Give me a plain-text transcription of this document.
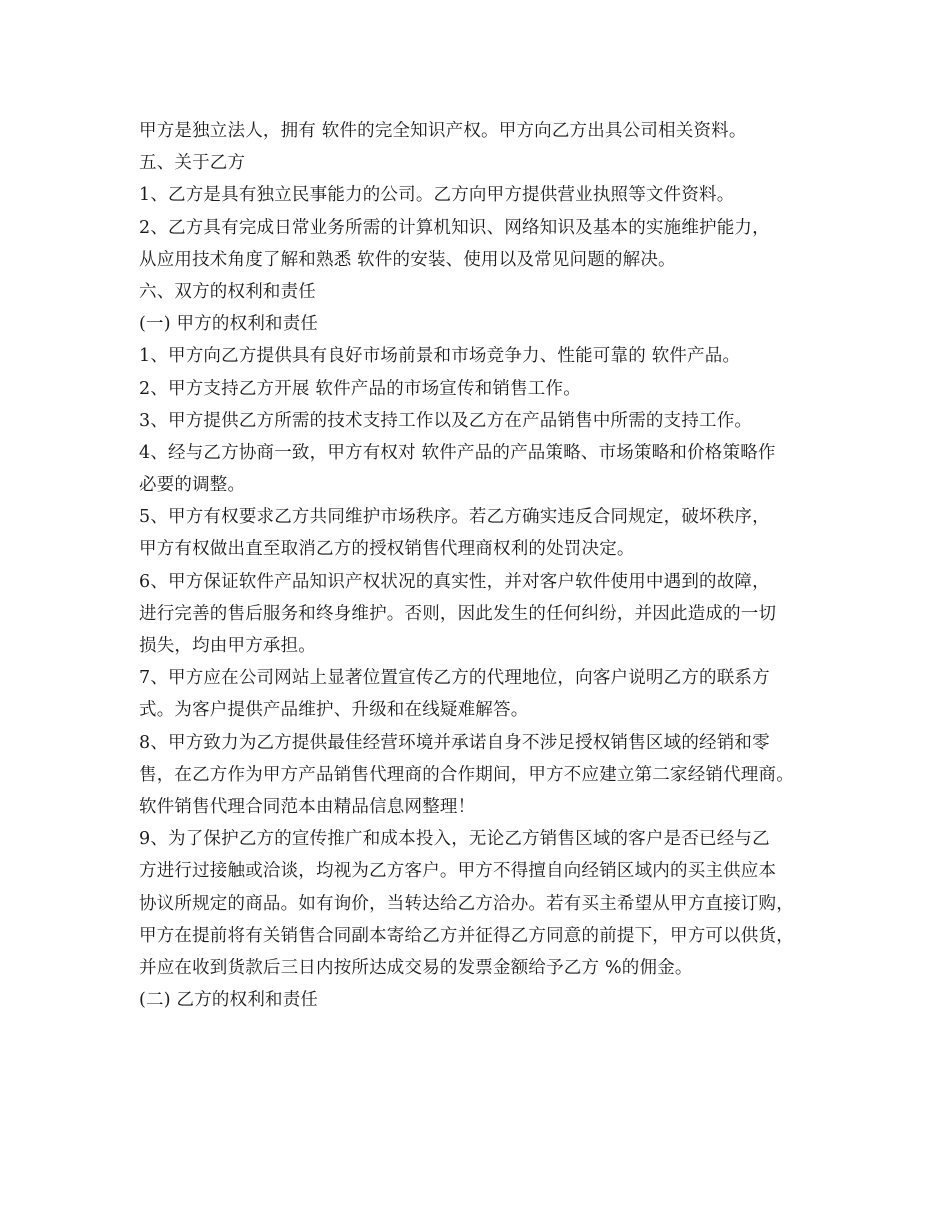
甲方是独立法人，拥有 软件的完全知识产权。甲方向乙方出具公司相关资料。
五、关于乙方
1、乙方是具有独立民事能力的公司。乙方向甲方提供营业执照等文件资料。
2、乙方具有完成日常业务所需的计算机知识、网络知识及基本的实施维护能力，
从应用技术角度了解和熟悉 软件的安装、使用以及常见问题的解决。
六、双方的权利和责任
(一) 甲方的权利和责任
1、甲方向乙方提供具有良好市场前景和市场竞争力、性能可靠的 软件产品。
2、甲方支持乙方开展 软件产品的市场宣传和销售工作。
3、甲方提供乙方所需的技术支持工作以及乙方在产品销售中所需的支持工作。
4、经与乙方协商一致，甲方有权对 软件产品的产品策略、市场策略和价格策略作
必要的调整。
5、甲方有权要求乙方共同维护市场秩序。若乙方确实违反合同规定，破坏秩序，
甲方有权做出直至取消乙方的授权销售代理商权利的处罚决定。
6、甲方保证软件产品知识产权状况的真实性，并对客户软件使用中遇到的故障，
进行完善的售后服务和终身维护。否则，因此发生的任何纠纷，并因此造成的一切
损失，均由甲方承担。
7、甲方应在公司网站上显著位置宣传乙方的代理地位，向客户说明乙方的联系方
式。为客户提供产品维护、升级和在线疑难解答。
8、甲方致力为乙方提供最佳经营环境并承诺自身不涉足授权销售区域的经销和零
售，在乙方作为甲方产品销售代理商的合作期间，甲方不应建立第二家经销代理商。
软件销售代理合同范本由精品信息网整理！
9、为了保护乙方的宣传推广和成本投入，无论乙方销售区域的客户是否已经与乙
方进行过接触或洽谈，均视为乙方客户。甲方不得擅自向经销区域内的买主供应本
协议所规定的商品。如有询价，当转达给乙方洽办。若有买主希望从甲方直接订购，
甲方在提前将有关销售合同副本寄给乙方并征得乙方同意的前提下，甲方可以供货，
并应在收到货款后三日内按所达成交易的发票金额给予乙方 %的佣金。
(二) 乙方的权利和责任
